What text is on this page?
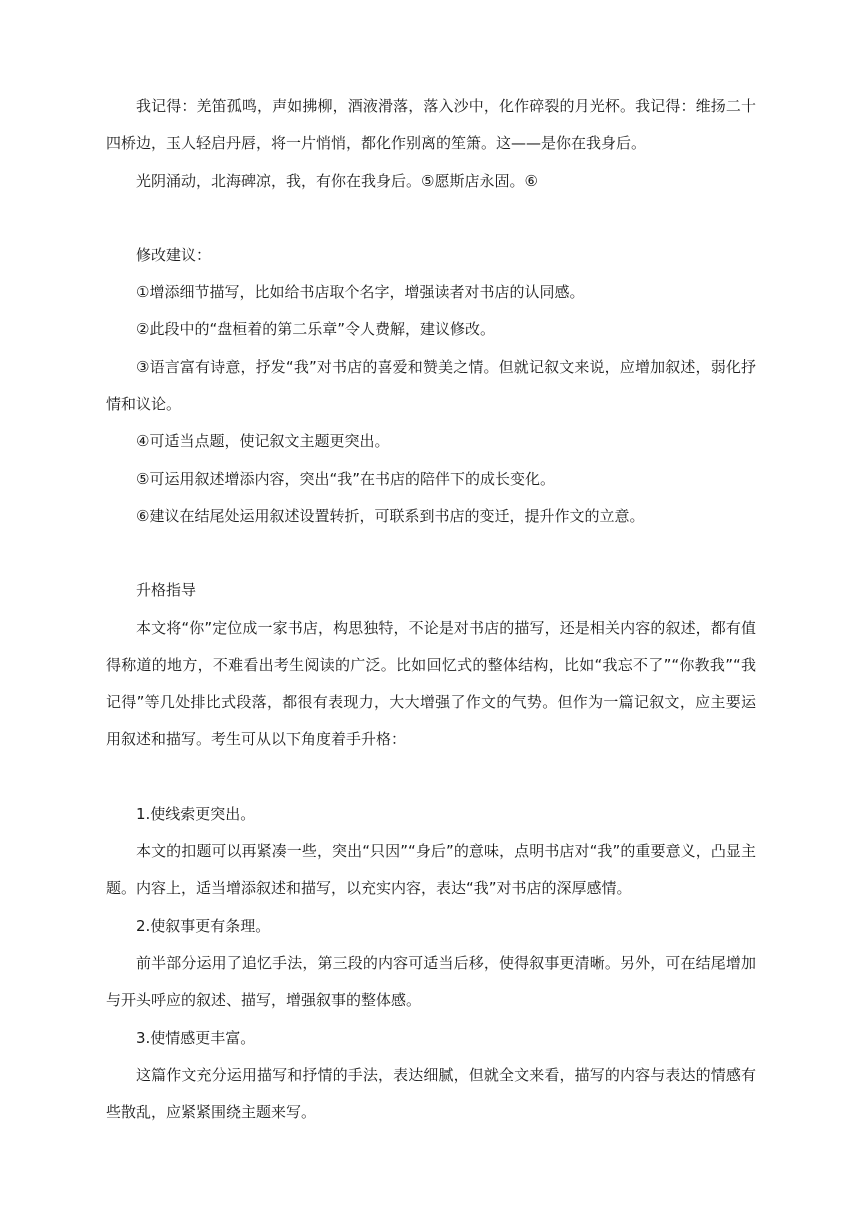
我记得：羌笛孤鸣，声如拂柳，酒液滑落，落入沙中，化作碎裂的月光杯。我记得：维扬二十四桥边，玉人轻启丹唇，将一片悄悄，都化作别离的笙箫。这——是你在我身后。

光阴涌动，北海碑凉，我，有你在我身后。⑤愿斯店永固。⑥

修改建议：

①增添细节描写，比如给书店取个名字，增强读者对书店的认同感。

②此段中的“盘桓着的第二乐章”令人费解，建议修改。

③语言富有诗意，抒发“我”对书店的喜爱和赞美之情。但就记叙文来说，应增加叙述，弱化抒情和议论。

④可适当点题，使记叙文主题更突出。

⑤可运用叙述增添内容，突出“我”在书店的陪伴下的成长变化。

⑥建议在结尾处运用叙述设置转折，可联系到书店的变迁，提升作文的立意。

升格指导

本文将“你”定位成一家书店，构思独特，不论是对书店的描写，还是相关内容的叙述，都有值得称道的地方，不难看出考生阅读的广泛。比如回忆式的整体结构，比如“我忘不了”“你教我”“我记得”等几处排比式段落，都很有表现力，大大增强了作文的气势。但作为一篇记叙文，应主要运用叙述和描写。考生可从以下角度着手升格：

1.使线索更突出。

本文的扣题可以再紧凑一些，突出“只因”“身后”的意味，点明书店对“我”的重要意义，凸显主题。内容上，适当增添叙述和描写，以充实内容，表达“我”对书店的深厚感情。

2.使叙事更有条理。

前半部分运用了追忆手法，第三段的内容可适当后移，使得叙事更清晰。另外，可在结尾增加与开头呼应的叙述、描写，增强叙事的整体感。

3.使情感更丰富。

这篇作文充分运用描写和抒情的手法，表达细腻，但就全文来看，描写的内容与表达的情感有些散乱，应紧紧围绕主题来写。
